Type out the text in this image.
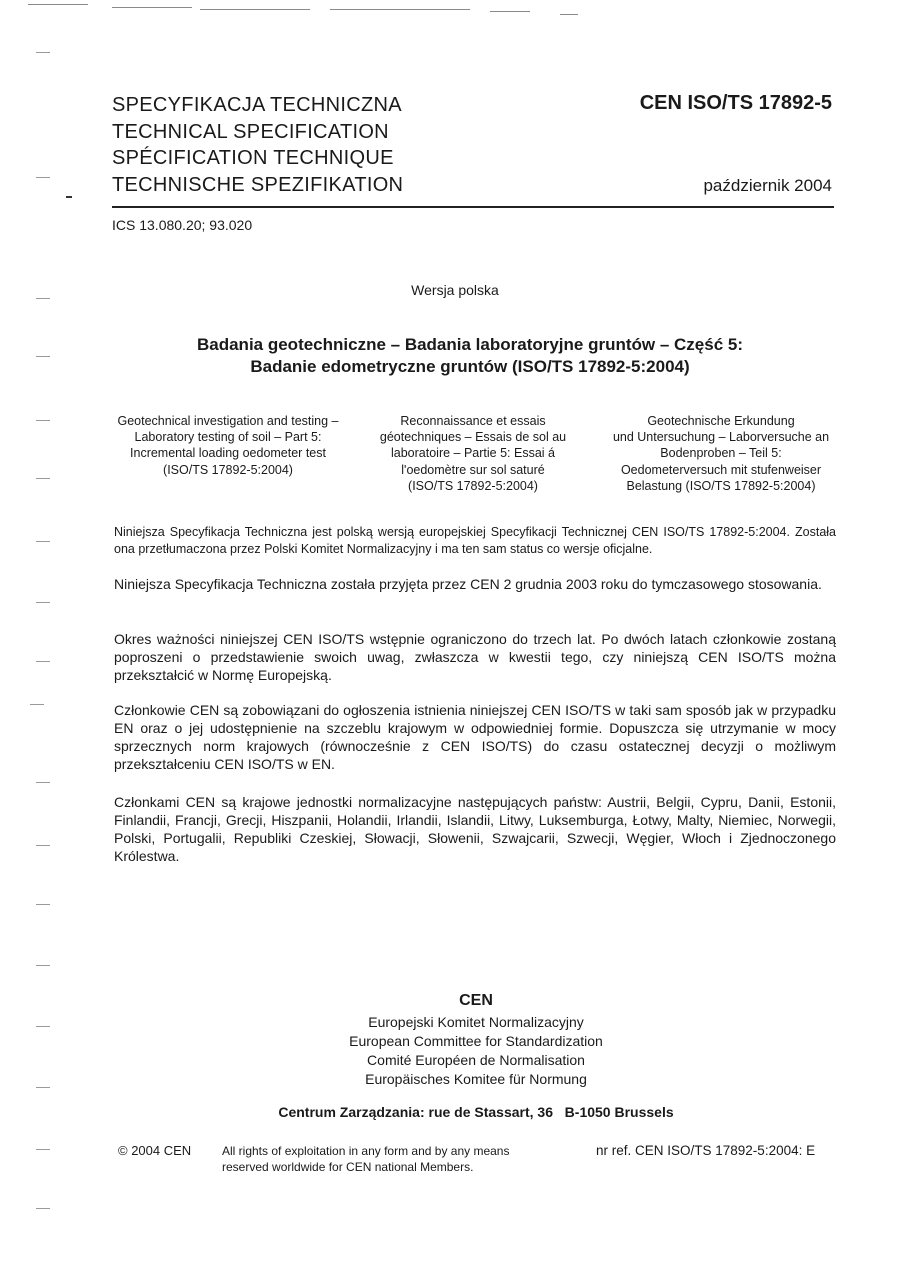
SPECYFIKACJA TECHNICZNA
TECHNICAL SPECIFICATION
SPÉCIFICATION TECHNIQUE
TECHNISCHE SPEZIFIKATION
CEN ISO/TS 17892-5
październik 2004
ICS 13.080.20; 93.020
Wersja polska
Badania geotechniczne – Badania laboratoryjne gruntów – Część 5:
Badanie edometryczne gruntów (ISO/TS 17892-5:2004)
Geotechnical investigation and testing –
Laboratory testing of soil – Part 5:
Incremental loading oedometer test
(ISO/TS 17892-5:2004)
Reconnaissance et essais
géotechniques – Essais de sol au
laboratoire – Partie 5: Essai á
l'oedomètre sur sol saturé
(ISO/TS 17892-5:2004)
Geotechnische Erkundung
und Untersuchung – Laborversuche an
Bodenproben – Teil 5:
Oedometerversuch mit stufenweiser
Belastung (ISO/TS 17892-5:2004)
Niniejsza Specyfikacja Techniczna jest polską wersją europejskiej Specyfikacji Technicznej CEN ISO/TS 17892-5:2004. Została ona przetłumaczona przez Polski Komitet Normalizacyjny i ma ten sam status co wersje oficjalne.
Niniejsza Specyfikacja Techniczna została przyjęta przez CEN 2 grudnia 2003 roku do tymczasowego stosowania.
Okres ważności niniejszej CEN ISO/TS wstępnie ograniczono do trzech lat. Po dwóch latach członkowie zostaną poproszeni o przedstawienie swoich uwag, zwłaszcza w kwestii tego, czy niniejszą CEN ISO/TS można przekształcić w Normę Europejską.
Członkowie CEN są zobowiązani do ogłoszenia istnienia niniejszej CEN ISO/TS w taki sam sposób jak w przypadku EN oraz o jej udostępnienie na szczeblu krajowym w odpowiedniej formie. Dopuszcza się utrzymanie w mocy sprzecznych norm krajowych (równocześnie z CEN ISO/TS) do czasu ostatecznej decyzji o możliwym przekształceniu CEN ISO/TS w EN.
Członkami CEN są krajowe jednostki normalizacyjne następujących państw: Austrii, Belgii, Cypru, Danii, Estonii, Finlandii, Francji, Grecji, Hiszpanii, Holandii, Irlandii, Islandii, Litwy, Luksemburga, Łotwy, Malty, Niemiec, Norwegii, Polski, Portugalii, Republiki Czeskiej, Słowacji, Słowenii, Szwajcarii, Szwecji, Węgier, Włoch i Zjednoczonego Królestwa.
CEN
Europejski Komitet Normalizacyjny
European Committee for Standardization
Comité Européen de Normalisation
Europäisches Komitee für Normung
Centrum Zarządzania: rue de Stassart, 36   B-1050 Brussels
© 2004 CEN	All rights of exploitation in any form and by any means
reserved worldwide for CEN national Members.
nr ref. CEN ISO/TS 17892-5:2004: E
